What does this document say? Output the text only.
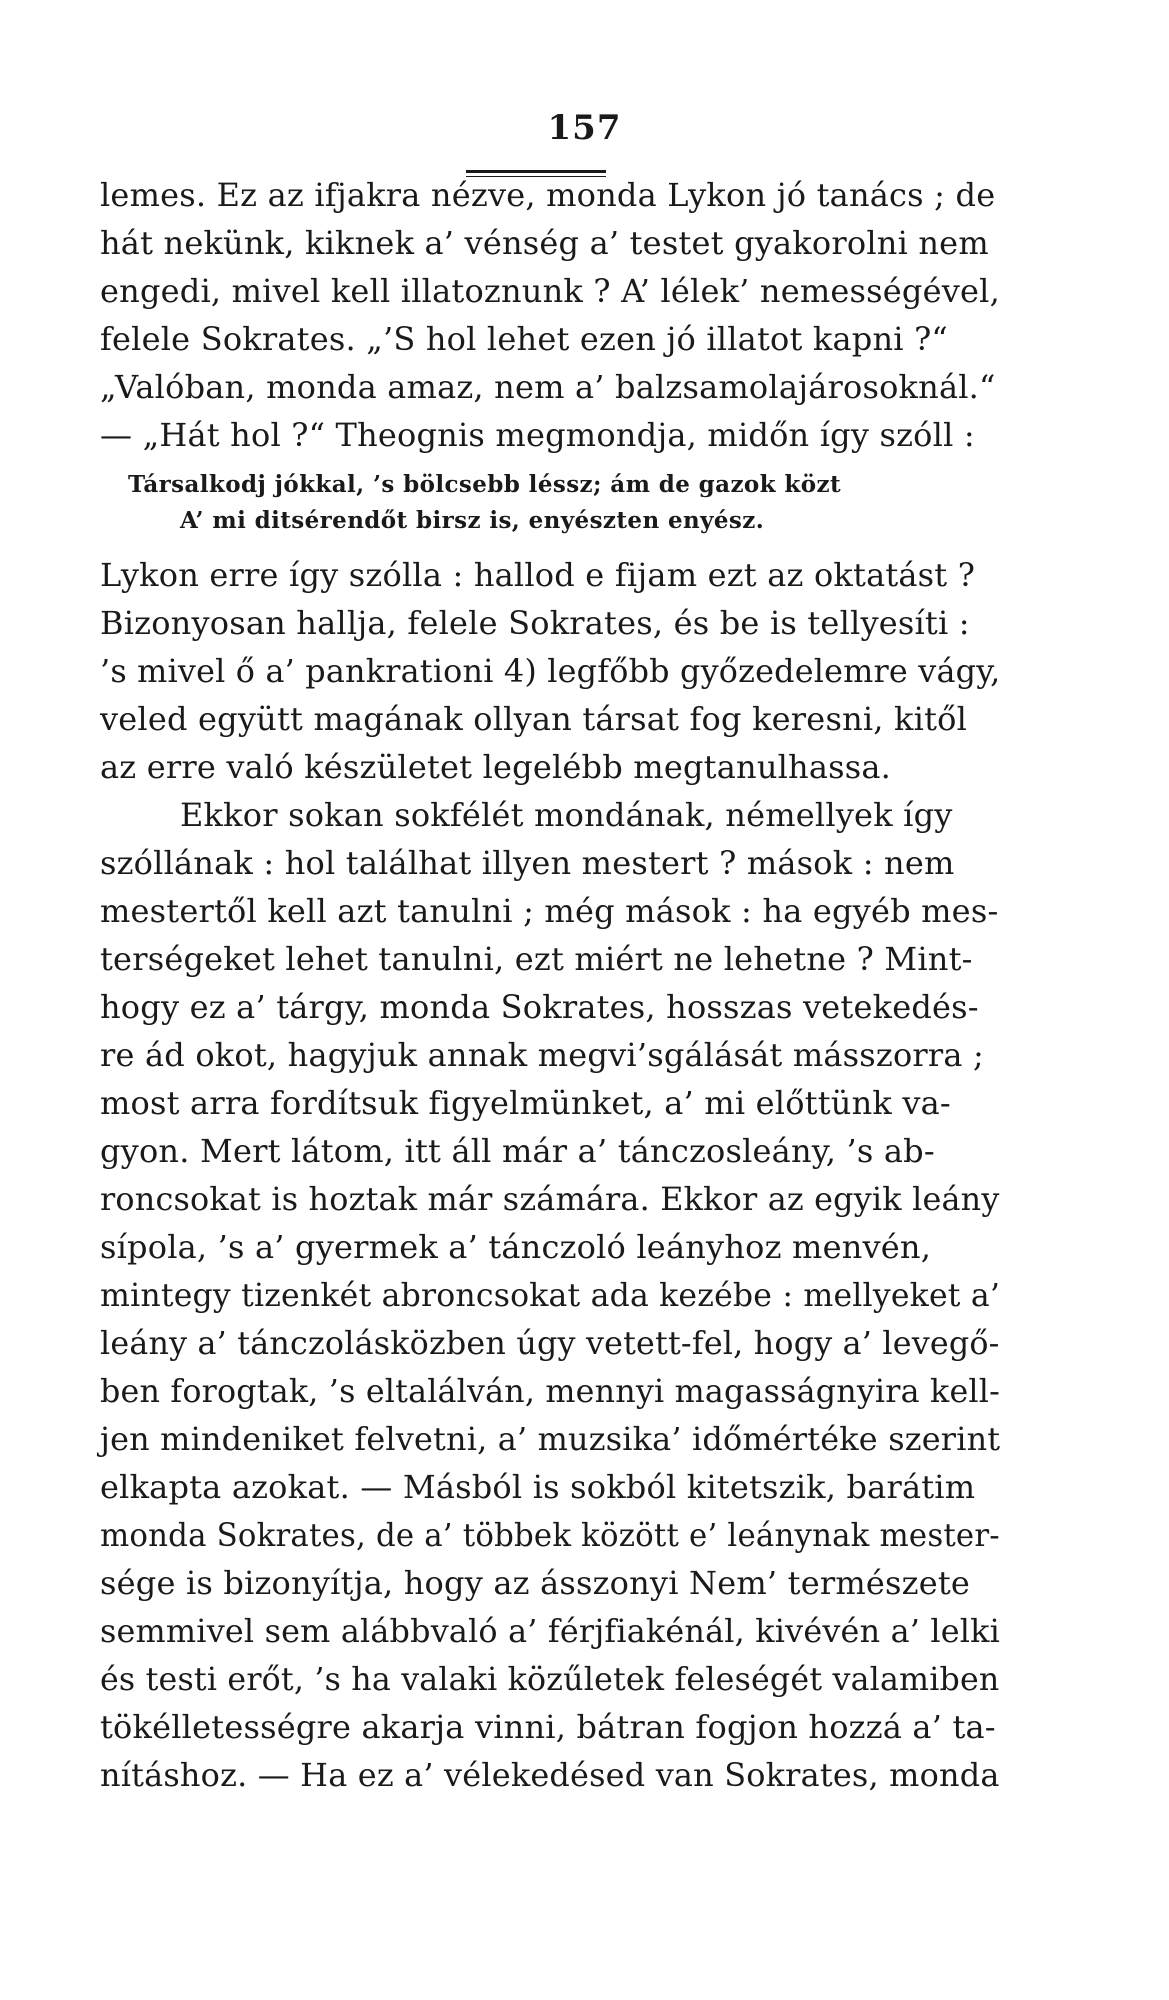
157
lemes. Ez az ifjakra nézve, monda Lykon jó tanács ; de
hát nekünk, kiknek a’ vénség a’ testet gyakorolni nem
engedi, mivel kell illatoznunk ? A’ lélek’ nemességével,
felele Sokrates. „’S hol lehet ezen jó illatot kapni ?“
„Valóban, monda amaz, nem a’ balzsamolajárosoknál.“
— „Hát hol ?“ Theognis megmondja, midőn így szóll :
Társalkodj jókkal, ’s bölcsebb léssz; ám de gazok közt
A’ mi ditsérendőt birsz is, enyészten enyész.
Lykon erre így szólla : hallod e fijam ezt az oktatást ?
Bizonyosan hallja, felele Sokrates, és be is tellyesíti :
’s mivel ő a’ pankrationi 4) legfőbb győzedelemre vágy,
veled együtt magának ollyan társat fog keresni, kitől
az erre való készületet legelébb megtanulhassa.
Ekkor sokan sokfélét mondának, némellyek így
szóllának : hol találhat illyen mestert ? mások : nem
mestertől kell azt tanulni ; még mások : ha egyéb mes-
terségeket lehet tanulni, ezt miért ne lehetne ? Mint-
hogy ez a’ tárgy, monda Sokrates, hosszas vetekedés-
re ád okot, hagyjuk annak megvi’sgálását másszorra ;
most arra fordítsuk figyelmünket, a’ mi előttünk va-
gyon. Mert látom, itt áll már a’ tánczosleány, ’s ab-
roncsokat is hoztak már számára. Ekkor az egyik leány
sípola, ’s a’ gyermek a’ tánczoló leányhoz menvén,
mintegy tizenkét abroncsokat ada kezébe : mellyeket a’
leány a’ tánczolásközben úgy vetett-fel, hogy a’ levegő-
ben forogtak, ’s eltalálván, mennyi magasságnyira kell-
jen mindeniket felvetni, a’ muzsika’ időmértéke szerint
elkapta azokat. — Másból is sokból kitetszik, barátim
monda Sokrates, de a’ többek között e’ leánynak mester-
sége is bizonyítja, hogy az ásszonyi Nem’ természete
semmivel sem alábbvaló a’ férjfiakénál, kivévén a’ lelki
és testi erőt, ’s ha valaki közűletek feleségét valamiben
tökélletességre akarja vinni, bátran fogjon hozzá a’ ta-
nításhoz. — Ha ez a’ vélekedésed van Sokrates, monda
